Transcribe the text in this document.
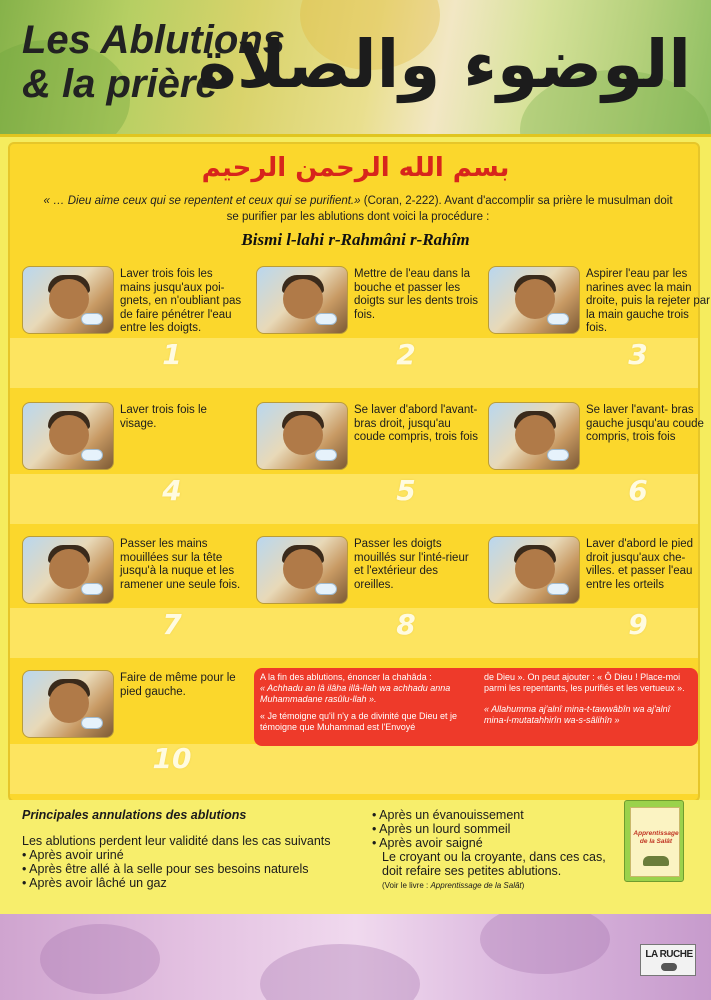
Les Ablutions
& la prière
الوضوء والصلاة
بسم الله الرحمن الرحيم
« … Dieu aime ceux qui se repentent et ceux qui se purifient.» (Coran, 2-222). Avant d'accomplir sa prière le musulman doit se purifier par les ablutions dont voici la procédure :
Bismi l-lahi r-Rahmâni r-Rahîm
Laver trois fois les mains jusqu'aux poi-gnets, en n'oubliant pas de faire pénétrer l'eau entre les doigts.
1
Mettre de l'eau dans la bouche et passer les doigts sur les dents trois fois.
2
Aspirer l'eau par les narines avec la main droite, puis la rejeter par la main gauche trois fois.
3
Laver trois fois le visage.
4
Se laver d'abord l'avant-bras droit, jusqu'au coude compris, trois fois
5
Se laver l'avant- bras gauche jusqu'au coude compris, trois fois
6
Passer les mains mouillées sur la tête jusqu'à la nuque et les ramener une seule fois.
7
Passer les doigts mouillés sur l'inté-rieur et l'extérieur des oreilles.
8
Laver d'abord le pied droit jusqu'aux che-villes. et passer l'eau entre les orteils
9
Faire de même pour le pied gauche.
10
A la fin des ablutions, énoncer la chahâda :
« Achhadu an lâ ilâha illâ-llah wa achhadu anna Muhammadane rasûlu-llah ».
« Je témoigne qu'il n'y a de divinité que Dieu et je témoigne que Muhammad est l'Envoyé
de Dieu ». On peut ajouter : « Ô Dieu ! Place-moi parmi les repentants, les purifiés et les vertueux ».
« Allahumma aj'alnî mina-t-tawwâbîn wa aj'alnî mina-l-mutatahhirîn wa-s-sâlihîn »
Principales annulations des ablutions
Les ablutions perdent leur validité dans les cas suivants
• Après avoir uriné
• Après être allé à la selle pour ses besoins naturels
• Après avoir lâché un gaz
• Après un évanouissement
• Après un lourd sommeil
• Après avoir saigné
Le croyant ou la croyante, dans ces cas, doit refaire ses petites ablutions.
(Voir le livre : Apprentissage de la Salât)
Apprentissage de la Salât
LA RUCHE
